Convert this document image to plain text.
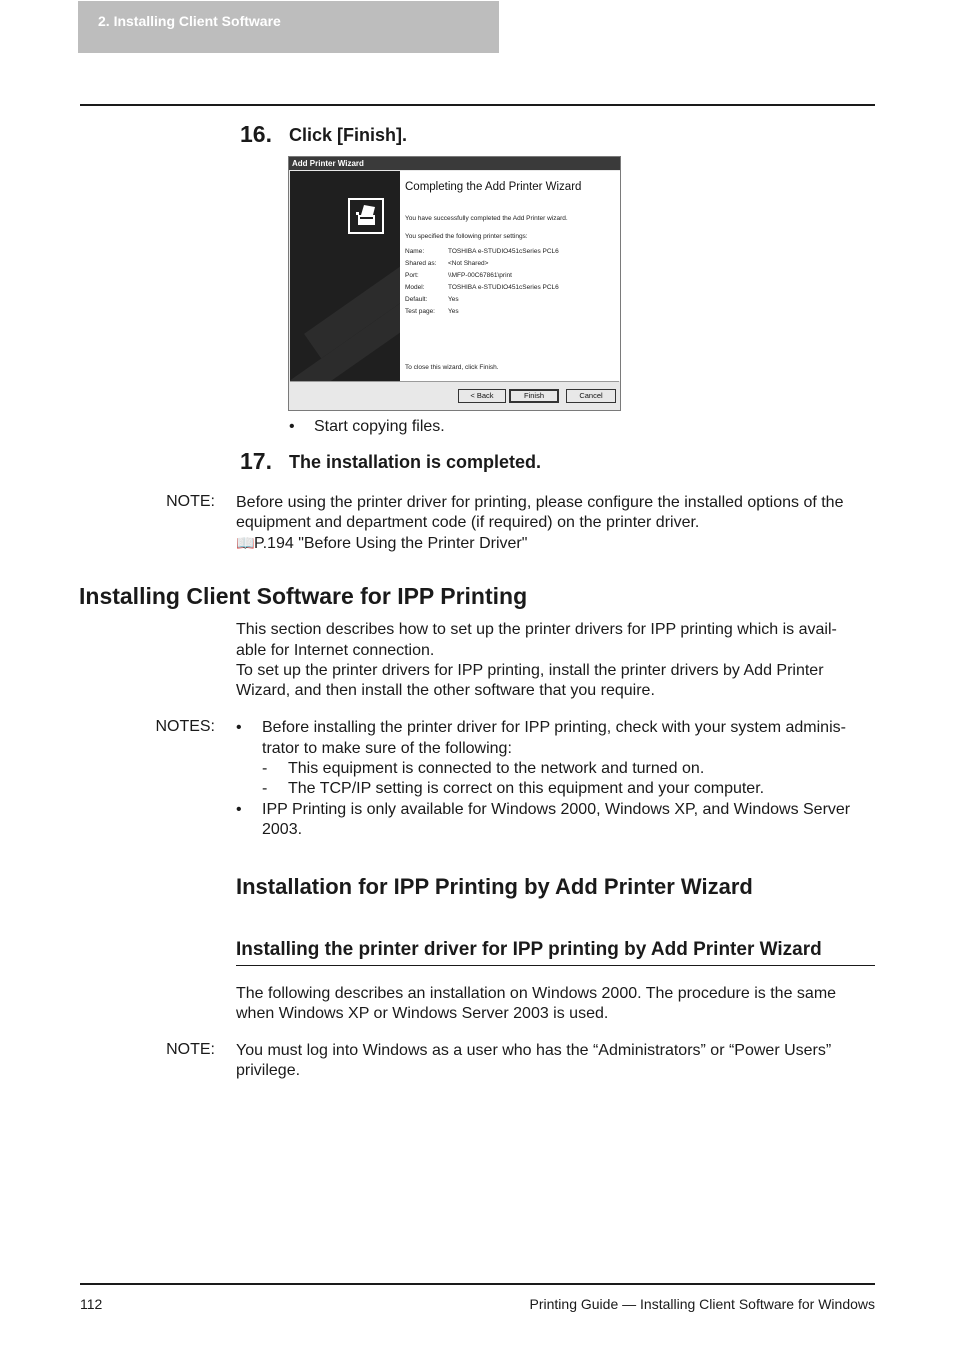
2. Installing Client Software
16. Click [Finish].
Add Printer Wizard
Completing the Add Printer Wizard
You have successfully completed the Add Printer wizard.
You specified the following printer settings:
Name:	TOSHIBA e-STUDIO451cSeries PCL6
Shared as: <Not Shared>
Port:	\\MFP-00C67861\print
Model:	TOSHIBA e-STUDIO451cSeries PCL6
Default:	Yes
Test page: Yes
To close this wizard, click Finish.
< Back	Finish	Cancel
• Start copying files.
17. The installation is completed.
NOTE: Before using the printer driver for printing, please configure the installed options of the
equipment and department code (if required) on the printer driver.
📖P.194 "Before Using the Printer Driver"
Installing Client Software for IPP Printing
This section describes how to set up the printer drivers for IPP printing which is avail-
able for Internet connection.
To set up the printer drivers for IPP printing, install the printer drivers by Add Printer
Wizard, and then install the other software that you require.
NOTES: • Before installing the printer driver for IPP printing, check with your system adminis-
trator to make sure of the following:
- This equipment is connected to the network and turned on.
- The TCP/IP setting is correct on this equipment and your computer.
• IPP Printing is only available for Windows 2000, Windows XP, and Windows Server
2003.
Installation for IPP Printing by Add Printer Wizard
Installing the printer driver for IPP printing by Add Printer Wizard
The following describes an installation on Windows 2000. The procedure is the same
when Windows XP or Windows Server 2003 is used.
NOTE: You must log into Windows as a user who has the “Administrators” or “Power Users”
privilege.
112	Printing Guide — Installing Client Software for Windows
